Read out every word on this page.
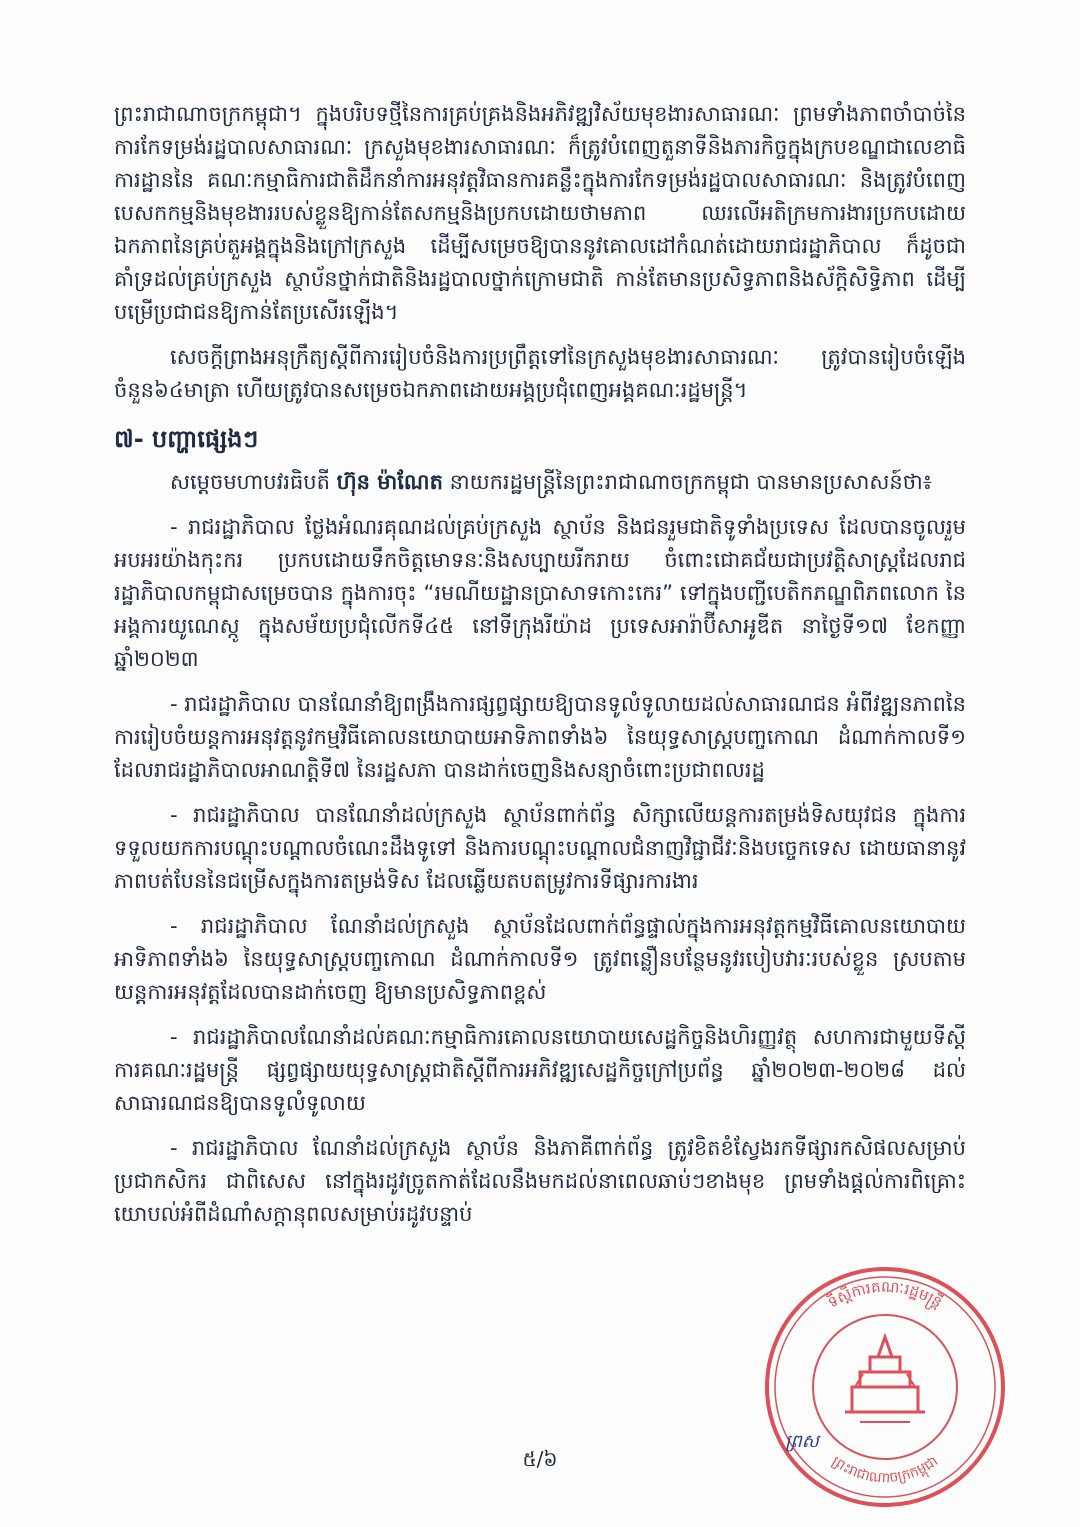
ព្រះរាជាណាចក្រកម្ពុជា។ ក្នុងបរិបទថ្មីនៃការគ្រប់គ្រងនិងអភិវឌ្ឍវិស័យមុខងារសាធារណៈ ព្រមទាំងភាពចាំបាច់នៃការកែទម្រង់រដ្ឋបាលសាធារណៈ ក្រសួងមុខងារសាធារណៈ ក៏ត្រូវបំពេញតួនាទីនិងភារកិច្ចក្នុងក្របខណ្ឌជាលេខាធិការដ្ឋាននៃ គណៈកម្មាធិការជាតិដឹកនាំការអនុវត្តវិធានការគន្លឹះក្នុងការកែទម្រង់រដ្ឋបាលសាធារណៈ និងត្រូវបំពេញបេសកកម្មនិងមុខងាររបស់ខ្លួនឱ្យកាន់តែសកម្មនិងប្រកបដោយថាមភាព ឈរលើអតិក្រមការងារប្រកបដោយឯកភាពនៃគ្រប់តួអង្គក្នុងនិងក្រៅក្រសួង ដើម្បីសម្រេចឱ្យបាននូវគោលដៅកំណត់ដោយរាជរដ្ឋាភិបាល ក៏ដូចជាគាំទ្រដល់គ្រប់ក្រសួង ស្ថាប័នថ្នាក់ជាតិនិងរដ្ឋបាលថ្នាក់ក្រោមជាតិ កាន់តែមានប្រសិទ្ធភាពនិងស័ក្តិសិទ្ធិភាព ដើម្បីបម្រើប្រជាជនឱ្យកាន់តែប្រសើរឡើង។

សេចក្តីព្រាងអនុក្រឹត្យស្តីពីការរៀបចំនិងការប្រព្រឹត្តទៅនៃក្រសួងមុខងារសាធារណៈ ត្រូវបានរៀបចំឡើងចំនួន៦៤មាត្រា ហើយត្រូវបានសម្រេចឯកភាពដោយអង្គប្រជុំពេញអង្គគណៈរដ្ឋមន្ត្រី។

៧- បញ្ហាផ្សេងៗ

សម្តេចមហាបវរធិបតី ហ៊ុន ម៉ាណែត នាយករដ្ឋមន្ត្រីនៃព្រះរាជាណាចក្រកម្ពុជា បានមានប្រសាសន៍ថា៖

- រាជរដ្ឋាភិបាល ថ្លែងអំណរគុណដល់គ្រប់ក្រសួង ស្ថាប័ន និងជនរួមជាតិទូទាំងប្រទេស ដែលបានចូលរួមអបអរយ៉ាងកុះករ ប្រកបដោយទឹកចិត្តមោទនៈនិងសប្បាយរីករាយ ចំពោះជោគជ័យជាប្រវត្តិសាស្ត្រដែលរាជរដ្ឋាភិបាលកម្ពុជាសម្រេចបាន ក្នុងការចុះ “រមណីយដ្ឋានប្រាសាទកោះកេរ” ទៅក្នុងបញ្ជីបេតិកភណ្ឌពិភពលោក នៃអង្គការយូណេស្កូ ក្នុងសម័យប្រជុំលើកទី៤៥ នៅទីក្រុងរីយ៉ាដ ប្រទេសអារ៉ាប៊ីសាអូឌីត នាថ្ងៃទី១៧ ខែកញ្ញា ឆ្នាំ២០២៣

- រាជរដ្ឋាភិបាល បានណែនាំឱ្យពង្រឹងការផ្សព្វផ្សាយឱ្យបានទូលំទូលាយដល់សាធារណជន អំពីវឌ្ឍនភាពនៃការរៀបចំយន្តការអនុវត្តនូវកម្មវិធីគោលនយោបាយអាទិភាពទាំង៦ នៃយុទ្ធសាស្ត្របញ្ចកោណ ដំណាក់កាលទី១ ដែលរាជរដ្ឋាភិបាលអាណត្តិទី៧ នៃរដ្ឋសភា បានដាក់ចេញនិងសន្យាចំពោះប្រជាពលរដ្ឋ

- រាជរដ្ឋាភិបាល បានណែនាំដល់ក្រសួង ស្ថាប័នពាក់ព័ន្ធ សិក្សាលើយន្តការតម្រង់ទិសយុវជន ក្នុងការទទួលយកការបណ្តុះបណ្តាលចំណេះដឹងទូទៅ និងការបណ្តុះបណ្តាលជំនាញវិជ្ជាជីវៈនិងបច្ចេកទេស ដោយធានានូវភាពបត់បែននៃជម្រើសក្នុងការតម្រង់ទិស ដែលឆ្លើយតបតម្រូវការទីផ្សារការងារ

- រាជរដ្ឋាភិបាល ណែនាំដល់ក្រសួង ស្ថាប័នដែលពាក់ព័ន្ធផ្ទាល់ក្នុងការអនុវត្តកម្មវិធីគោលនយោបាយអាទិភាពទាំង៦ នៃយុទ្ធសាស្ត្របញ្ចកោណ ដំណាក់កាលទី១ ត្រូវពន្លឿនបន្ថែមនូវរបៀបវារៈរបស់ខ្លួន ស្របតាមយន្តការអនុវត្តដែលបានដាក់ចេញ ឱ្យមានប្រសិទ្ធភាពខ្ពស់

- រាជរដ្ឋាភិបាលណែនាំដល់គណៈកម្មាធិការគោលនយោបាយសេដ្ឋកិច្ចនិងហិរញ្ញវត្ថុ សហការជាមួយទីស្តីការគណៈរដ្ឋមន្ត្រី ផ្សព្វផ្សាយយុទ្ធសាស្ត្រជាតិស្តីពីការអភិវឌ្ឍសេដ្ឋកិច្ចក្រៅប្រព័ន្ធ ឆ្នាំ២០២៣-២០២៨ ដល់សាធារណជនឱ្យបានទូលំទូលាយ

- រាជរដ្ឋាភិបាល ណែនាំដល់ក្រសួង ស្ថាប័ន និងភាគីពាក់ព័ន្ធ ត្រូវខិតខំស្វែងរកទីផ្សារកសិផលសម្រាប់ប្រជាកសិករ ជាពិសេស នៅក្នុងរដូវច្រូតកាត់ដែលនឹងមកដល់នាពេលឆាប់ៗខាងមុខ ព្រមទាំងផ្តល់ការពិគ្រោះយោបល់អំពីដំណាំសក្តានុពលសម្រាប់រដូវបន្ទាប់

ទីស្តីការគណៈរដ្ឋមន្ត្រី
ព្រះរាជាណាចក្រកម្ពុជា
ព្រស
៥/៦
